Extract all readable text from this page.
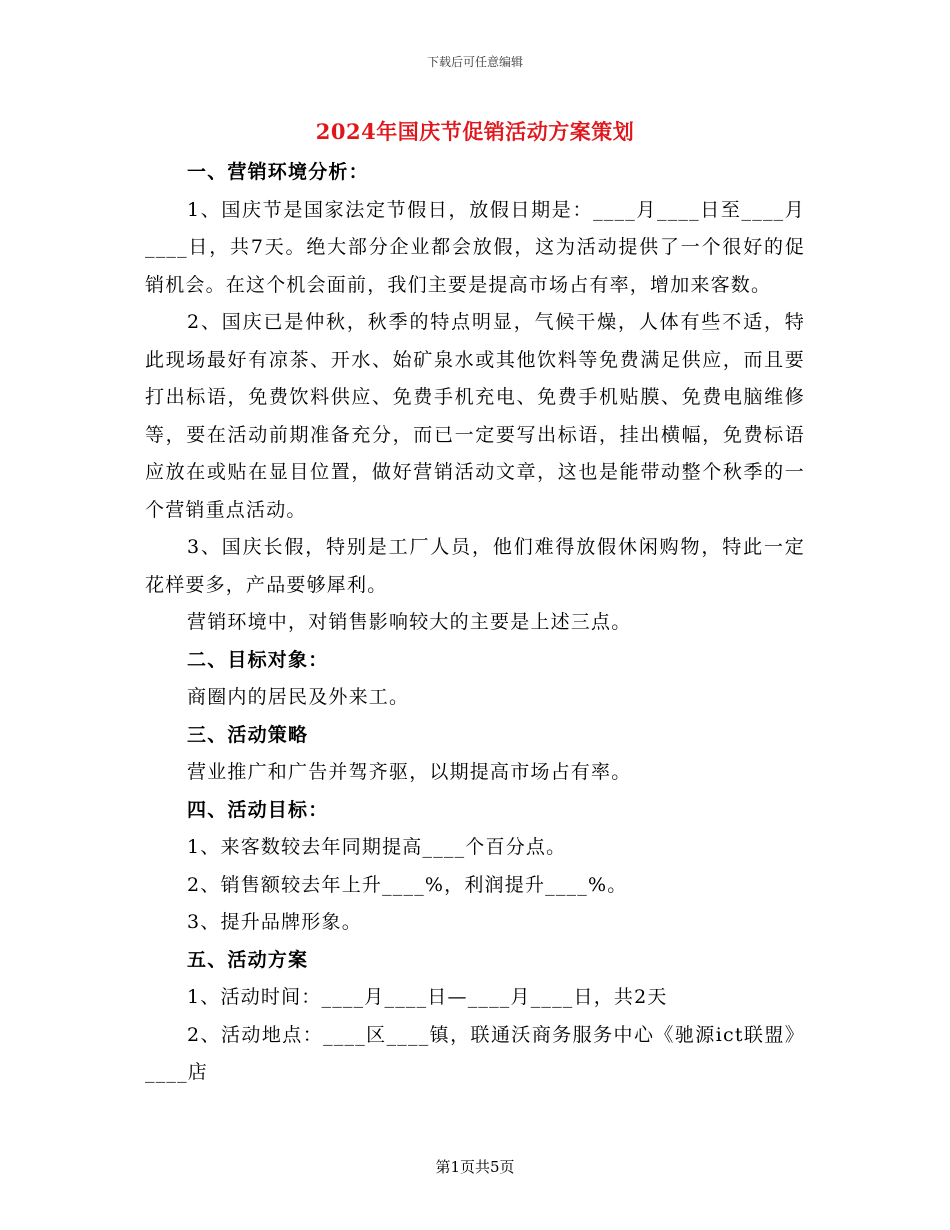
下载后可任意编辑
2024年国庆节促销活动方案策划

一、营销环境分析：

1、国庆节是国家法定节假日，放假日期是：____月____日至____月____日，共7天。绝大部分企业都会放假，这为活动提供了一个很好的促销机会。在这个机会面前，我们主要是提高市场占有率，增加来客数。

2、国庆已是仲秋，秋季的特点明显，气候干燥，人体有些不适，特此现场最好有凉茶、开水、始矿泉水或其他饮料等免费满足供应，而且要打出标语，免费饮料供应、免费手机充电、免费手机贴膜、免费电脑维修等，要在活动前期准备充分，而已一定要写出标语，挂出横幅，免费标语应放在或贴在显目位置，做好营销活动文章，这也是能带动整个秋季的一个营销重点活动。

3、国庆长假，特别是工厂人员，他们难得放假休闲购物，特此一定花样要多，产品要够犀利。

营销环境中，对销售影响较大的主要是上述三点。

二、目标对象：

商圈内的居民及外来工。

三、活动策略

营业推广和广告并驾齐驱，以期提高市场占有率。

四、活动目标：

1、来客数较去年同期提高____个百分点。

2、销售额较去年上升____%，利润提升____%。

3、提升品牌形象。

五、活动方案

1、活动时间：____月____日—____月____日，共2天

2、活动地点：____区____镇，联通沃商务服务中心《驰源ict联盟》____店

第1页共5页
